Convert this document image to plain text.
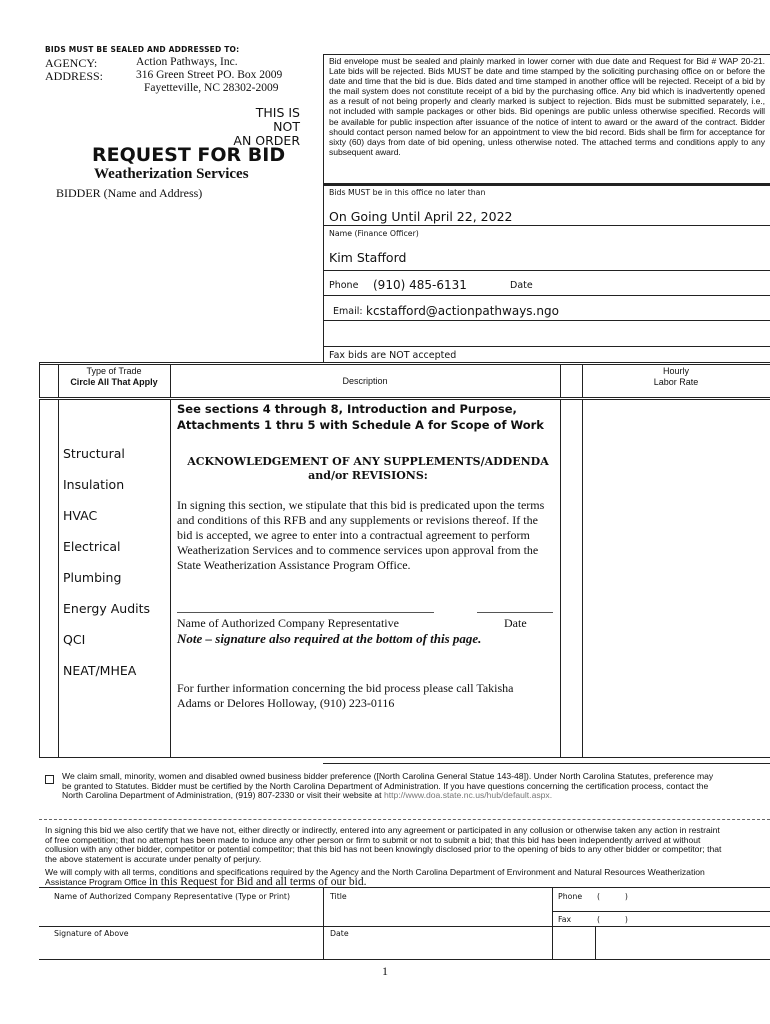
BIDS MUST BE SEALED AND ADDRESSED TO:
AGENCY:	Action Pathways, Inc.
ADDRESS:	316 Green Street PO. Box 2009
Fayetteville, NC 28302-2009
THIS IS NOT
AN ORDER
REQUEST FOR BID
Weatherization Services
BIDDER (Name and Address)
Bid envelope must be sealed and plainly marked in lower corner with due date and Request for Bid # WAP 20-21. Late bids will be rejected. Bids MUST be date and time stamped by the soliciting purchasing office on or before the date and time that the bid is due. Bids dated and time stamped in another office will be rejected. Receipt of a bid by the mail system does not constitute receipt of a bid by the purchasing office. Any bid which is inadvertently opened as a result of not being properly and clearly marked is subject to rejection. Bids must be submitted separately, i.e., not included with sample packages or other bids. Bid openings are public unless otherwise specified. Records will be available for public inspection after issuance of the notice of intent to award or the award of the contract. Bidder should contact person named below for an appointment to view the bid record. Bids shall be firm for acceptance for sixty (60) days from date of bid opening, unless otherwise noted. The attached terms and conditions apply to any subsequent award.
Bids MUST be in this office no later than
On Going Until April 22, 2022
Name (Finance Officer)
Kim Stafford
Phone (910) 485-6131	Date
Email: kcstafford@actionpathways.ngo
Fax bids are NOT accepted
Type of Trade
Circle All That Apply	Description
Hourly
Labor Rate
Structural
Insulation
HVAC
Electrical
Plumbing
Energy Audits
QCI
NEAT/MHEA
See sections 4 through 8, Introduction and Purpose,
Attachments 1 thru 5 with Schedule A for Scope of Work
ACKNOWLEDGEMENT OF ANY SUPPLEMENTS/ADDENDA
and/or REVISIONS:
In signing this section, we stipulate that this bid is predicated upon the terms and conditions of this RFB and any supplements or revisions thereof. If the bid is accepted, we agree to enter into a contractual agreement to perform Weatherization Services and to commence services upon approval from the State Weatherization Assistance Program Office.
Name of Authorized Company Representative	Date
Note – signature also required at the bottom of this page.
For further information concerning the bid process please call Takisha Adams or Delores Holloway, (910) 223-0116
We claim small, minority, women and disabled owned business bidder preference ([North Carolina General Statue 143-48]). Under North Carolina Statutes, preference may be granted to Statutes. Bidder must be certified by the North Carolina Department of Administration. If you have questions concerning the certification process, contact the North Carolina Department of Administration, (919) 807-2330 or visit their website at http://www.doa.state.nc.us/hub/default.aspx.
In signing this bid we also certify that we have not, either directly or indirectly, entered into any agreement or participated in any collusion or otherwise taken any action in restraint of free competition; that no attempt has been made to induce any other person or firm to submit or not to submit a bid; that this bid has been independently arrived at without collusion with any other bidder, competitor or potential competitor; that this bid has not been knowingly disclosed prior to the opening of bids to any other bidder or competitor; that the above statement is accurate under penalty of perjury.
We will comply with all terms, conditions and specifications required by the Agency and the North Carolina Department of Environment and Natural Resources Weatherization Assistance Program Office in this Request for Bid and all terms of our bid.
Name of Authorized Company Representative (Type or Print)	Title	Phone (          )
Fax	(          )
Signature of Above	Date
1
